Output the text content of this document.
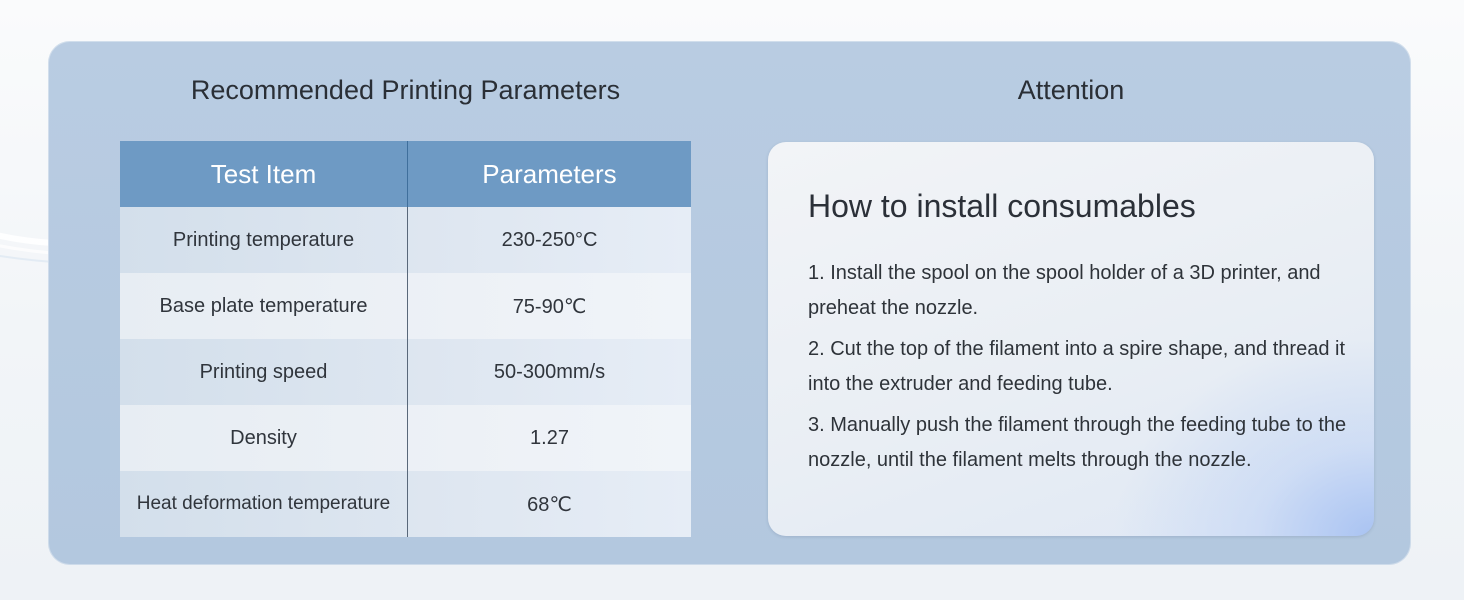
Recommended Printing Parameters	Attention
Test Item	Parameters
Printing temperature	230-250°C
Base plate temperature	75-90℃
Printing speed	50-300mm/s
Density	1.27
Heat deformation temperature	68℃
How to install consumables
1. Install the spool on the spool holder of a 3D printer, and preheat the nozzle.
2. Cut the top of the filament into a spire shape, and thread it into the extruder and feeding tube.
3. Manually push the filament through the feeding tube to the nozzle, until the filament melts through the nozzle.
